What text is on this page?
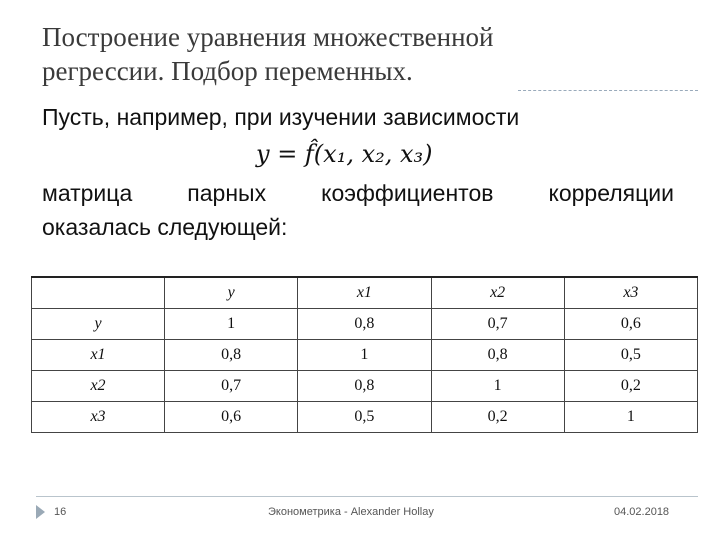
Построение уравнения множественной
регрессии. Подбор переменных.
Пусть, например, при изучении зависимости
y = f̂(x₁, x₂, x₃)
матрица парных коэффициентов корреляции
оказалась следующей:
	y	x1	x2	x3
y	1	0,8	0,7	0,6
x1	0,8	1	0,8	0,5
x2	0,7	0,8	1	0,2
x3	0,6	0,5	0,2	1
16	Эконометрика - Alexander Hollay	04.02.2018
